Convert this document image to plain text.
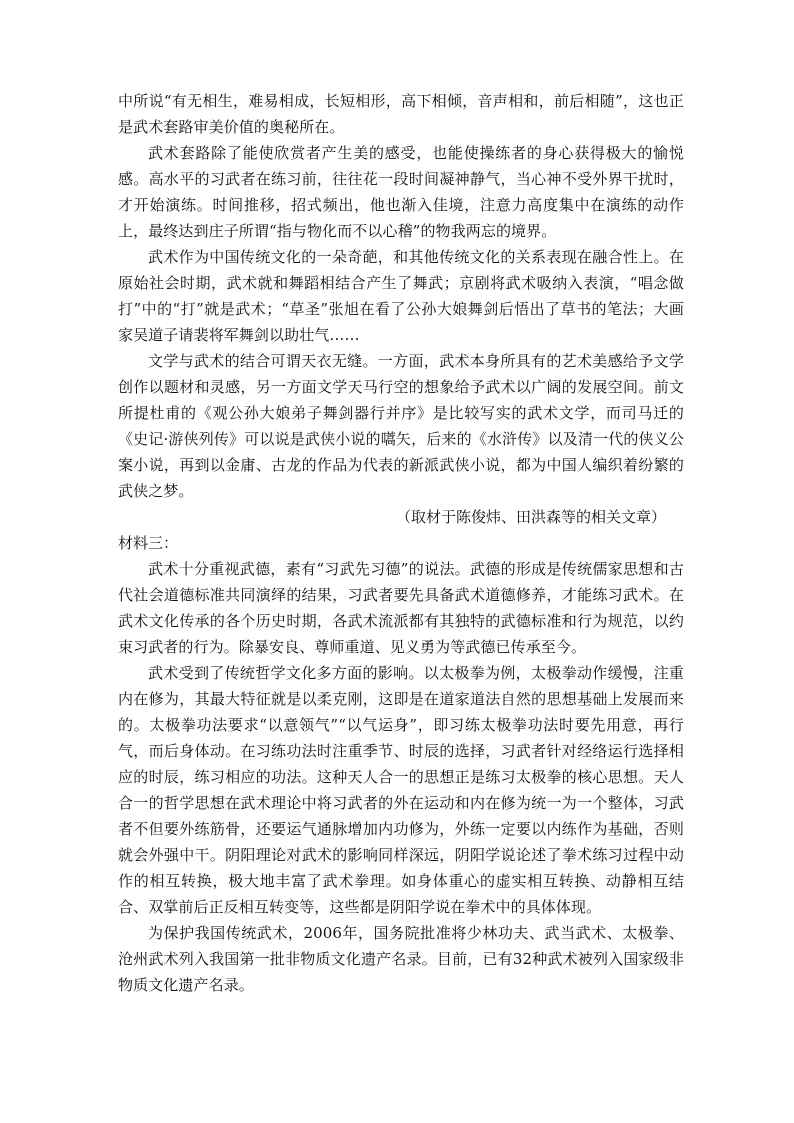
中所说“有无相生，难易相成，长短相形，高下相倾，音声相和，前后相随”，这也正是武术套路审美价值的奥秘所在。

武术套路除了能使欣赏者产生美的感受，也能使操练者的身心获得极大的愉悦感。高水平的习武者在练习前，往往花一段时间凝神静气，当心神不受外界干扰时，才开始演练。时间推移，招式频出，他也渐入佳境，注意力高度集中在演练的动作上，最终达到庄子所谓“指与物化而不以心稽”的物我两忘的境界。

武术作为中国传统文化的一朵奇葩，和其他传统文化的关系表现在融合性上。在原始社会时期，武术就和舞蹈相结合产生了舞武；京剧将武术吸纳入表演，“唱念做打”中的“打”就是武术；“草圣”张旭在看了公孙大娘舞剑后悟出了草书的笔法；大画家吴道子请裴将军舞剑以助壮气……

文学与武术的结合可谓天衣无缝。一方面，武术本身所具有的艺术美感给予文学创作以题材和灵感，另一方面文学天马行空的想象给予武术以广阔的发展空间。前文所提杜甫的《观公孙大娘弟子舞剑器行并序》是比较写实的武术文学，而司马迁的《史记·游侠列传》可以说是武侠小说的嚆矢，后来的《水浒传》以及清一代的侠义公案小说，再到以金庸、古龙的作品为代表的新派武侠小说，都为中国人编织着纷繁的武侠之梦。

（取材于陈俊炜、田洪森等的相关文章）

材料三：

武术十分重视武德，素有“习武先习德”的说法。武德的形成是传统儒家思想和古代社会道德标准共同演绎的结果，习武者要先具备武术道德修养，才能练习武术。在武术文化传承的各个历史时期，各武术流派都有其独特的武德标准和行为规范，以约束习武者的行为。除暴安良、尊师重道、见义勇为等武德已传承至今。

武术受到了传统哲学文化多方面的影响。以太极拳为例，太极拳动作缓慢，注重内在修为，其最大特征就是以柔克刚，这即是在道家道法自然的思想基础上发展而来的。太极拳功法要求“以意领气”“以气运身”，即习练太极拳功法时要先用意，再行气，而后身体动。在习练功法时注重季节、时辰的选择，习武者针对经络运行选择相应的时辰，练习相应的功法。这种天人合一的思想正是练习太极拳的核心思想。天人合一的哲学思想在武术理论中将习武者的外在运动和内在修为统一为一个整体，习武者不但要外练筋骨，还要运气通脉增加内功修为，外练一定要以内练作为基础，否则就会外强中干。阴阳理论对武术的影响同样深远，阴阳学说论述了拳术练习过程中动作的相互转换，极大地丰富了武术拳理。如身体重心的虚实相互转换、动静相互结合、双掌前后正反相互转变等，这些都是阴阳学说在拳术中的具体体现。

为保护我国传统武术，2006年，国务院批准将少林功夫、武当武术、太极拳、沧州武术列入我国第一批非物质文化遗产名录。目前，已有32种武术被列入国家级非物质文化遗产名录。
